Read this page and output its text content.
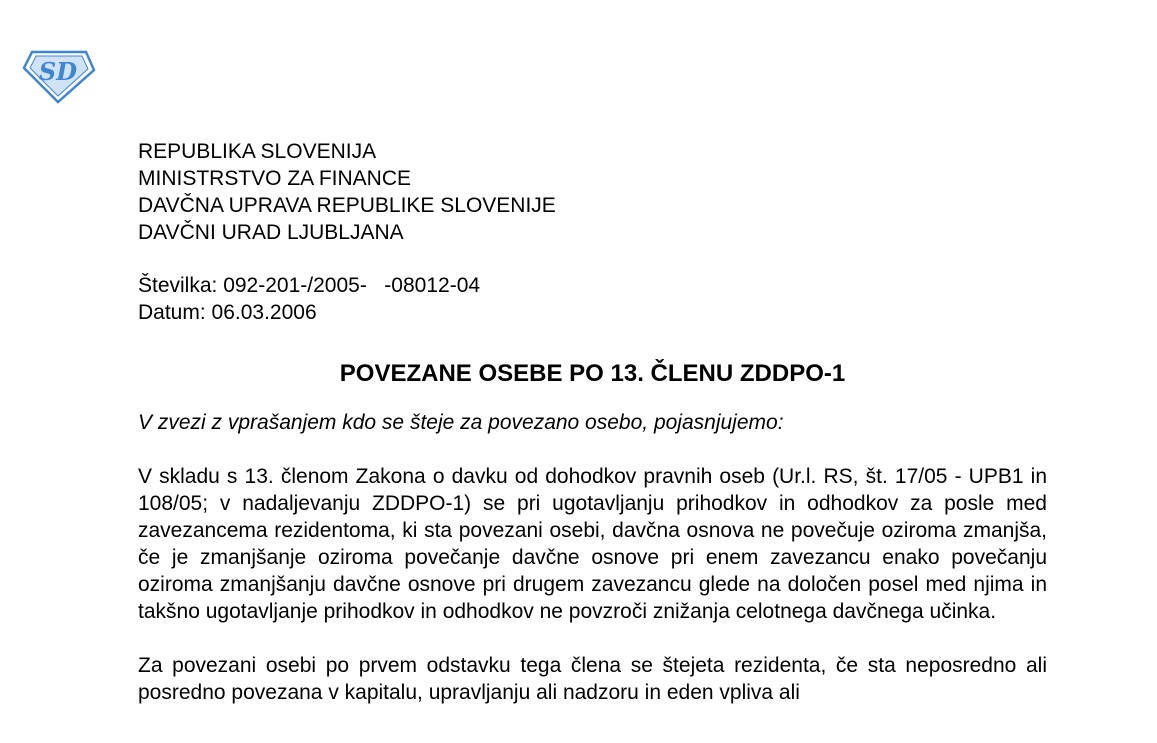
SD
REPUBLIKA SLOVENIJA
MINISTRSTVO ZA FINANCE
DAVČNA UPRAVA REPUBLIKE SLOVENIJE
DAVČNI URAD LJUBLJANA
Številka: 092-201-/2005-   -08012-04
Datum: 06.03.2006
POVEZANE OSEBE PO 13. ČLENU ZDDPO-1
V zvezi z vprašanjem kdo se šteje za povezano osebo, pojasnjujemo:
V skladu s 13. členom Zakona o davku od dohodkov pravnih oseb (Ur.l. RS, št. 17/05 - UPB1 in 108/05; v nadaljevanju ZDDPO-1) se pri ugotavljanju prihodkov in odhodkov za posle med zavezancema rezidentoma, ki sta povezani osebi, davčna osnova ne povečuje oziroma zmanjša, če je zmanjšanje oziroma povečanje davčne osnove pri enem zavezancu enako povečanju oziroma zmanjšanju davčne osnove pri drugem zavezancu glede na določen posel med njima in takšno ugotavljanje prihodkov in odhodkov ne povzroči znižanja celotnega davčnega učinka.
Za povezani osebi po prvem odstavku tega člena se štejeta rezidenta, če sta neposredno ali posredno povezana v kapitalu, upravljanju ali nadzoru in eden vpliva ali
